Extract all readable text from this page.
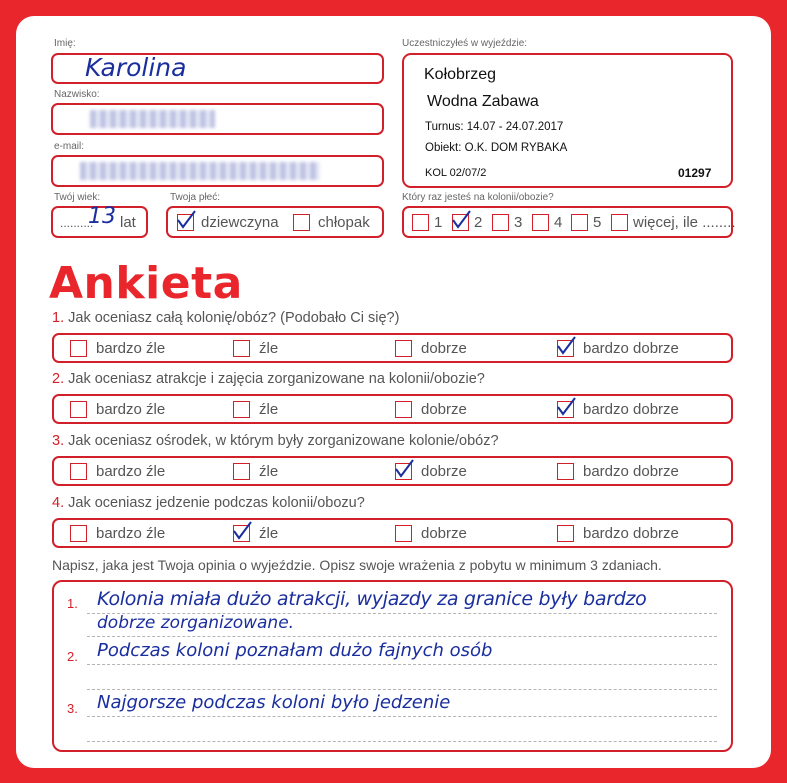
Imię:
Karolina
Nazwisko:
e-mail:
Twój wiek:
..........
13 lat
Twoja płeć:
dziewczyna	chłopak
Uczestniczyłeś w wyjeździe:
Kołobrzeg
Wodna Zabawa
Turnus: 14.07 - 24.07.2017
Obiekt: O.K. DOM RYBAKA
KOL 02/07/2	01297
Który raz jesteś na kolonii/obozie?
1 2 3 4 5 więcej, ile ........
Ankieta
1. Jak oceniasz całą kolonię/obóz? (Podobało Ci się?)
bardzo źle	źle	dobrze	bardzo dobrze
2. Jak oceniasz atrakcje i zajęcia zorganizowane na kolonii/obozie?
bardzo źle	źle	dobrze	bardzo dobrze
3. Jak oceniasz ośrodek, w którym były zorganizowane kolonie/obóz?
bardzo źle	źle	dobrze	bardzo dobrze
4. Jak oceniasz jedzenie podczas kolonii/obozu?
bardzo źle	źle	dobrze	bardzo dobrze
Napisz, jaka jest Twoja opinia o wyjeździe. Opisz swoje wrażenia z pobytu w minimum 3 zdaniach.
1.
2.
3.
Kolonia miała dużo atrakcji, wyjazdy za granice były bardzo
dobrze zorganizowane.
Podczas koloni poznałam dużo fajnych osób
Najgorsze podczas koloni było jedzenie
